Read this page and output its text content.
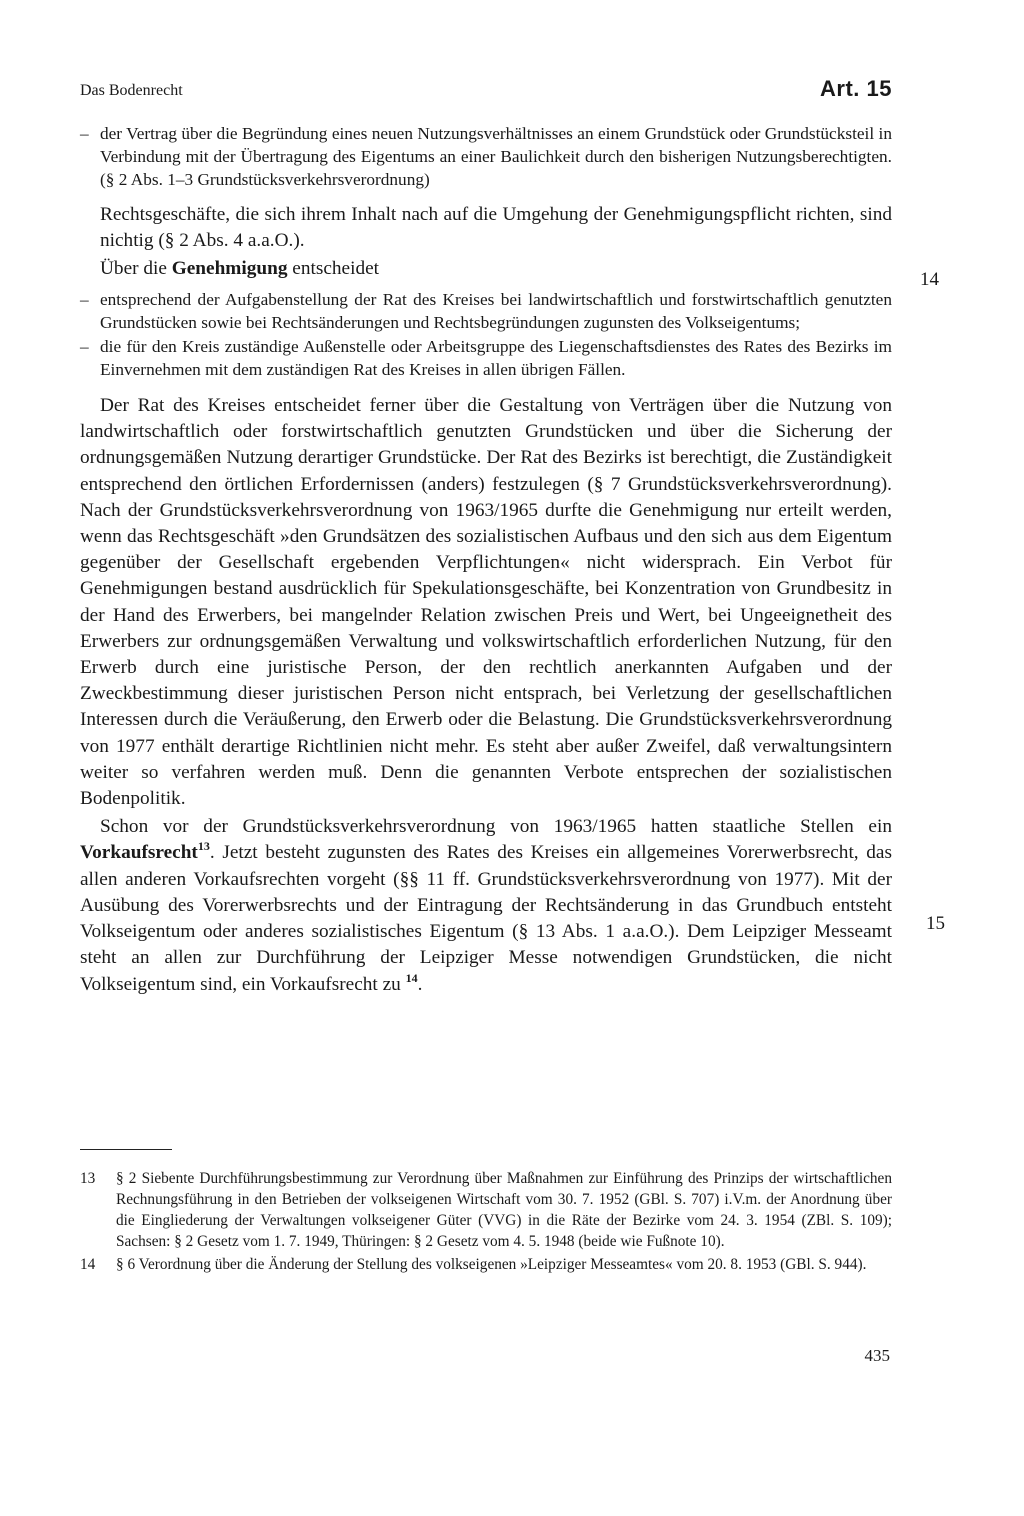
Das Bodenrecht	Art. 15

– der Vertrag über die Begründung eines neuen Nutzungsverhältnisses an einem Grundstück oder Grundstücksteil in Verbindung mit der Übertragung des Eigentums an einer Baulichkeit durch den bisherigen Nutzungsberechtigten. (§ 2 Abs. 1–3 Grundstücksverkehrsverordnung)

Rechtsgeschäfte, die sich ihrem Inhalt nach auf die Umgehung der Genehmigungspflicht richten, sind nichtig (§ 2 Abs. 4 a.a.O.).

Über die Genehmigung entscheidet

– entsprechend der Aufgabenstellung der Rat des Kreises bei landwirtschaftlich und forstwirtschaftlich genutzten Grundstücken sowie bei Rechtsänderungen und Rechtsbegründungen zugunsten des Volkseigentums;

– die für den Kreis zuständige Außenstelle oder Arbeitsgruppe des Liegenschaftsdienstes des Rates des Bezirks im Einvernehmen mit dem zuständigen Rat des Kreises in allen übrigen Fällen.

Der Rat des Kreises entscheidet ferner über die Gestaltung von Verträgen über die Nutzung von landwirtschaftlich oder forstwirtschaftlich genutzten Grundstücken und über die Sicherung der ordnungsgemäßen Nutzung derartiger Grundstücke. Der Rat des Bezirks ist berechtigt, die Zuständigkeit entsprechend den örtlichen Erfordernissen (anders) festzulegen (§ 7 Grundstücksverkehrsverordnung). Nach der Grundstücksverkehrsverordnung von 1963/1965 durfte die Genehmigung nur erteilt werden, wenn das Rechtsgeschäft »den Grundsätzen des sozialistischen Aufbaus und den sich aus dem Eigentum gegenüber der Gesellschaft ergebenden Verpflichtungen« nicht widersprach. Ein Verbot für Genehmigungen bestand ausdrücklich für Spekulationsgeschäfte, bei Konzentration von Grundbesitz in der Hand des Erwerbers, bei mangelnder Relation zwischen Preis und Wert, bei Ungeeignetheit des Erwerbers zur ordnungsgemäßen Verwaltung und volkswirtschaftlich erforderlichen Nutzung, für den Erwerb durch eine juristische Person, der den rechtlich anerkannten Aufgaben und der Zweckbestimmung dieser juristischen Person nicht entsprach, bei Verletzung der gesellschaftlichen Interessen durch die Veräußerung, den Erwerb oder die Belastung. Die Grundstücksverkehrsverordnung von 1977 enthält derartige Richtlinien nicht mehr. Es steht aber außer Zweifel, daß verwaltungsintern weiter so verfahren werden muß. Denn die genannten Verbote entsprechen der sozialistischen Bodenpolitik.

Schon vor der Grundstücksverkehrsverordnung von 1963/1965 hatten staatliche Stellen ein Vorkaufsrecht$^{13}$. Jetzt besteht zugunsten des Rates des Kreises ein allgemeines Vorerwerbsrecht, das allen anderen Vorkaufsrechten vorgeht (§§ 11 ff. Grundstücksverkehrsverordnung von 1977). Mit der Ausübung des Vorerwerbsrechts und der Eintragung der Rechtsänderung in das Grundbuch entsteht Volkseigentum oder anderes sozialistisches Eigentum (§ 13 Abs. 1 a.a.O.). Dem Leipziger Messeamt steht an allen zur Durchführung der Leipziger Messe notwendigen Grundstücken, die nicht Volkseigentum sind, ein Vorkaufsrecht zu $^{14}$.

14
15

13 § 2 Siebente Durchführungsbestimmung zur Verordnung über Maßnahmen zur Einführung des Prinzips der wirtschaftlichen Rechnungsführung in den Betrieben der volkseigenen Wirtschaft vom 30. 7. 1952 (GBl. S. 707) i.V.m. der Anordnung über die Eingliederung der Verwaltungen volkseigener Güter (VVG) in die Räte der Bezirke vom 24. 3. 1954 (ZBl. S. 109); Sachsen: § 2 Gesetz vom 1. 7. 1949, Thüringen: § 2 Gesetz vom 4. 5. 1948 (beide wie Fußnote 10).

14 § 6 Verordnung über die Änderung der Stellung des volkseigenen »Leipziger Messeamtes« vom 20. 8. 1953 (GBl. S. 944).

435
